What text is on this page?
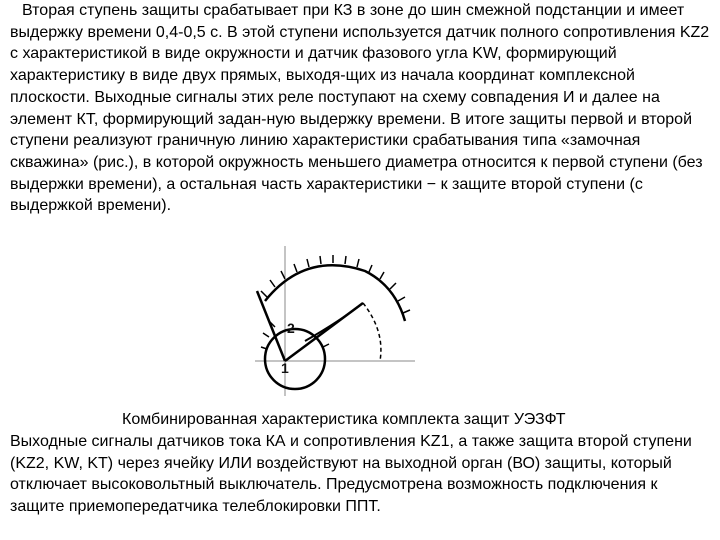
Вторая ступень защиты срабатывает при КЗ в зоне до шин смежной подстанции и имеет выдержку времени 0,4-0,5 с. В этой ступени используется датчик полного сопротивления KZ2 с характеристикой в виде окружности и датчик фазового угла KW, формирующий характеристику в виде двух прямых, выходя-щих из начала координат комплексной плоскости. Выходные сигналы этих реле поступают на схему совпадения И и далее на элемент КТ, формирующий задан-ную выдержку времени. В итоге защиты первой и второй ступени реализуют граничную линию характеристики срабатывания типа «замочная скважина» (рис.), в которой окружность меньшего диаметра относится к первой ступени (без выдержки времени), а остальная часть характеристики − к защите второй ступени (с выдержкой времени).

2
1

Комбинированная характеристика комплекта защит УЭЗФТ

Выходные сигналы датчиков тока КА и сопротивления KZ1, а также защита второй ступени (KZ2, KW, KT) через ячейку ИЛИ воздействуют на выходной орган (ВО) защиты, который отключает высоковольтный выключатель. Предусмотрена возможность подключения к защите приемопередатчика телеблокировки ППТ.
